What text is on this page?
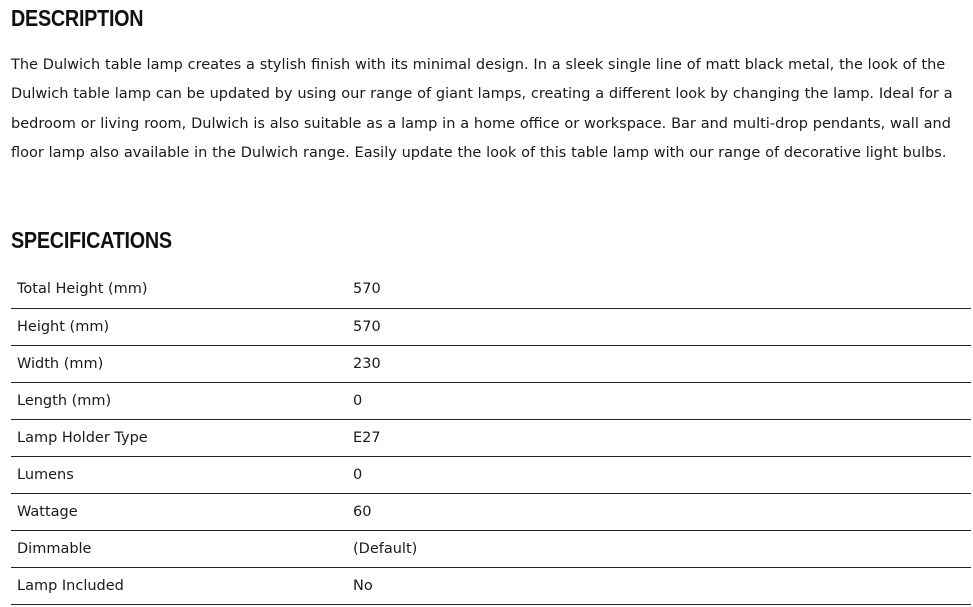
DESCRIPTION

The Dulwich table lamp creates a stylish finish with its minimal design. In a sleek single line of matt black metal, the look of the Dulwich table lamp can be updated by using our range of giant lamps, creating a different look by changing the lamp. Ideal for a bedroom or living room, Dulwich is also suitable as a lamp in a home office or workspace. Bar and multi-drop pendants, wall and floor lamp also available in the Dulwich range. Easily update the look of this table lamp with our range of decorative light bulbs.

SPECIFICATIONS
Total Height (mm)	570
Height (mm)	570
Width (mm)	230
Length (mm)	0
Lamp Holder Type	E27
Lumens	0
Wattage	60
Dimmable	(Default)
Lamp Included	No
